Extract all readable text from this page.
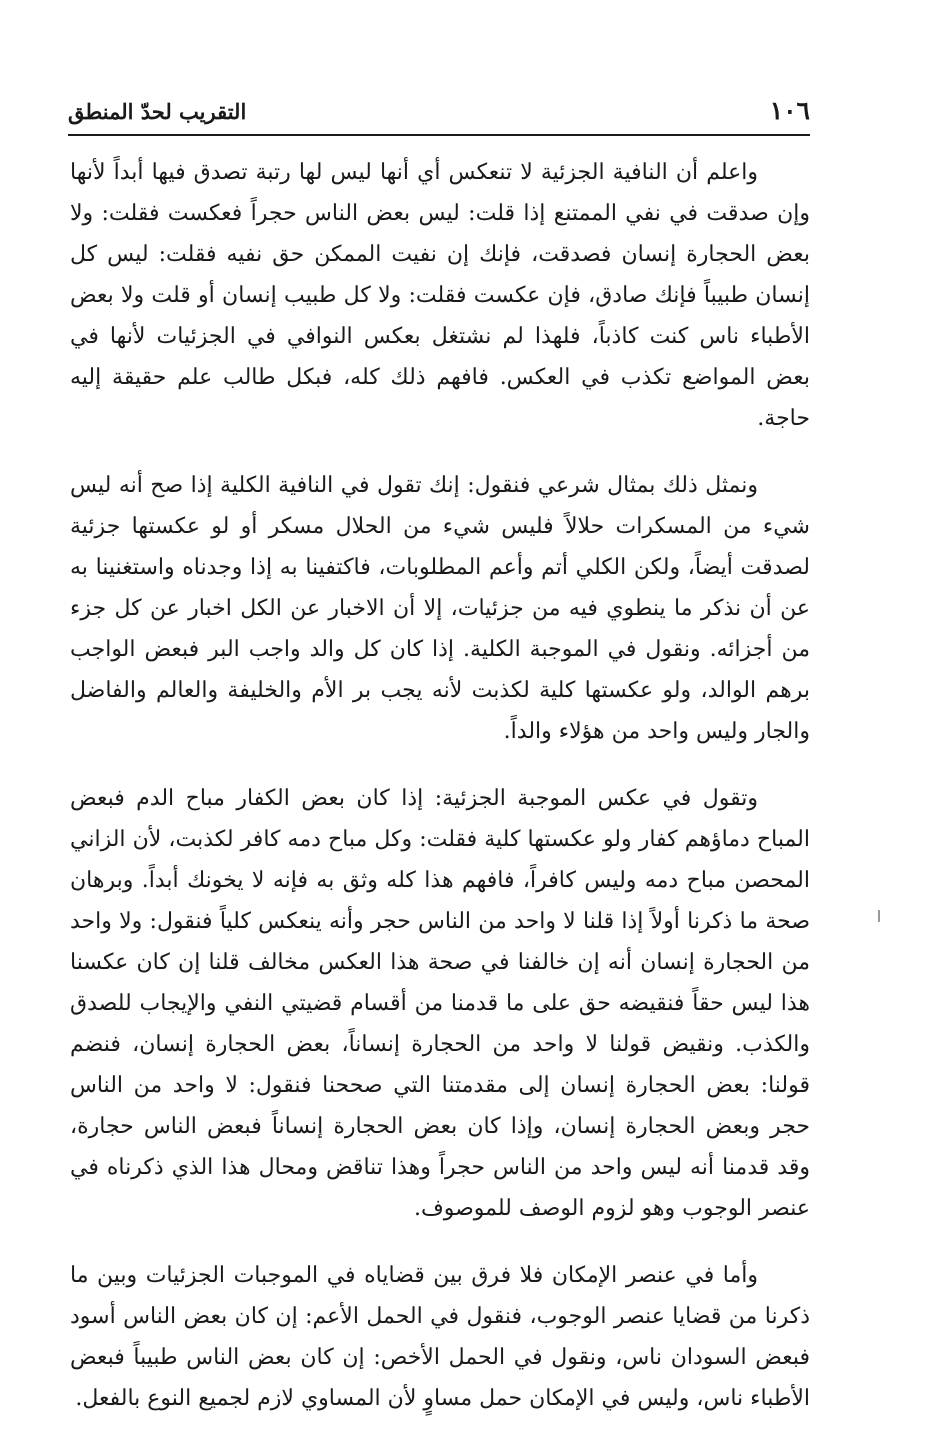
١٠٦
التقريب لحدّ المنطق

واعلم أن النافية الجزئية لا تنعكس أي أنها ليس لها رتبة تصدق فيها أبداً لأنها وإن صدقت في نفي الممتنع إذا قلت: ليس بعض الناس حجراً فعكست فقلت: ولا بعض الحجارة إنسان فصدقت، فإنك إن نفيت الممكن حق نفيه فقلت: ليس كل إنسان طبيباً فإنك صادق، فإن عكست فقلت: ولا كل طبيب إنسان أو قلت ولا بعض الأطباء ناس كنت كاذباً، فلهذا لم نشتغل بعكس النوافي في الجزئيات لأنها في بعض المواضع تكذب في العكس. فافهم ذلك كله، فبكل طالب علم حقيقة إليه حاجة.

ونمثل ذلك بمثال شرعي فنقول: إنك تقول في النافية الكلية إذا صح أنه ليس شيء من المسكرات حلالاً فليس شيء من الحلال مسكر أو لو عكستها جزئية لصدقت أيضاً، ولكن الكلي أتم وأعم المطلوبات، فاكتفينا به إذا وجدناه واستغنينا به عن أن نذكر ما ينطوي فيه من جزئيات، إلا أن الاخبار عن الكل اخبار عن كل جزء من أجزائه. ونقول في الموجبة الكلية. إذا كان كل والد واجب البر فبعض الواجب برهم الوالد، ولو عكستها كلية لكذبت لأنه يجب بر الأم والخليفة والعالم والفاضل والجار وليس واحد من هؤلاء والداً.

وتقول في عكس الموجبة الجزئية: إذا كان بعض الكفار مباح الدم فبعض المباح دماؤهم كفار ولو عكستها كلية فقلت: وكل مباح دمه كافر لكذبت، لأن الزاني المحصن مباح دمه وليس كافراً، فافهم هذا كله وثق به فإنه لا يخونك أبداً. وبرهان صحة ما ذكرنا أولاً إذا قلنا لا واحد من الناس حجر وأنه ينعكس كلياً فنقول: ولا واحد من الحجارة إنسان أنه إن خالفنا في صحة هذا العكس مخالف قلنا إن كان عكسنا هذا ليس حقاً فنقيضه حق على ما قدمنا من أقسام قضيتي النفي والإيجاب للصدق والكذب. ونقيض قولنا لا واحد من الحجارة إنساناً، بعض الحجارة إنسان، فنضم قولنا: بعض الحجارة إنسان إلى مقدمتنا التي صححنا فنقول: لا واحد من الناس حجر وبعض الحجارة إنسان، وإذا كان بعض الحجارة إنساناً فبعض الناس حجارة، وقد قدمنا أنه ليس واحد من الناس حجراً وهذا تناقض ومحال هذا الذي ذكرناه في عنصر الوجوب وهو لزوم الوصف للموصوف.

وأما في عنصر الإمكان فلا فرق بين قضاياه في الموجبات الجزئيات وبين ما ذكرنا من قضايا عنصر الوجوب، فنقول في الحمل الأعم: إن كان بعض الناس أسود فبعض السودان ناس، ونقول في الحمل الأخص: إن كان بعض الناس طبيباً فبعض الأطباء ناس، وليس في الإمكان حمل مساوٍ لأن المساوي لازم لجميع النوع بالفعل.
